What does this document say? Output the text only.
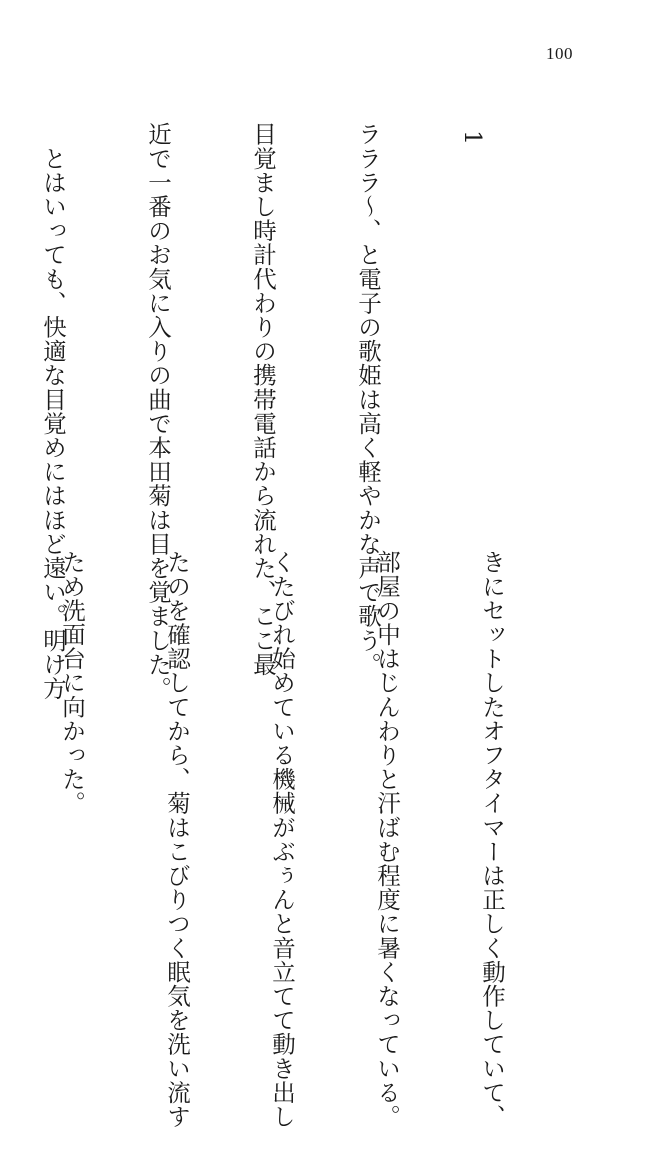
100

1

ラララ～、と電子の歌姫は高く軽やかな声で歌う。

目覚まし時計代わりの携帯電話から流れた、ここ最

近で一番のお気に入りの曲で本田菊は目を覚ました。

　とはいっても、快適な目覚めにはほど遠い。明け方

きにセットしたオフタイマーは正しく動作していて、

部屋の中はじんわりと汗ばむ程度に暑くなっている。

くたびれ始めている機械がぶぅんと音立てて動き出し

たのを確認してから、菊はこびりつく眠気を洗い流す

ため洗面台に向かった。
